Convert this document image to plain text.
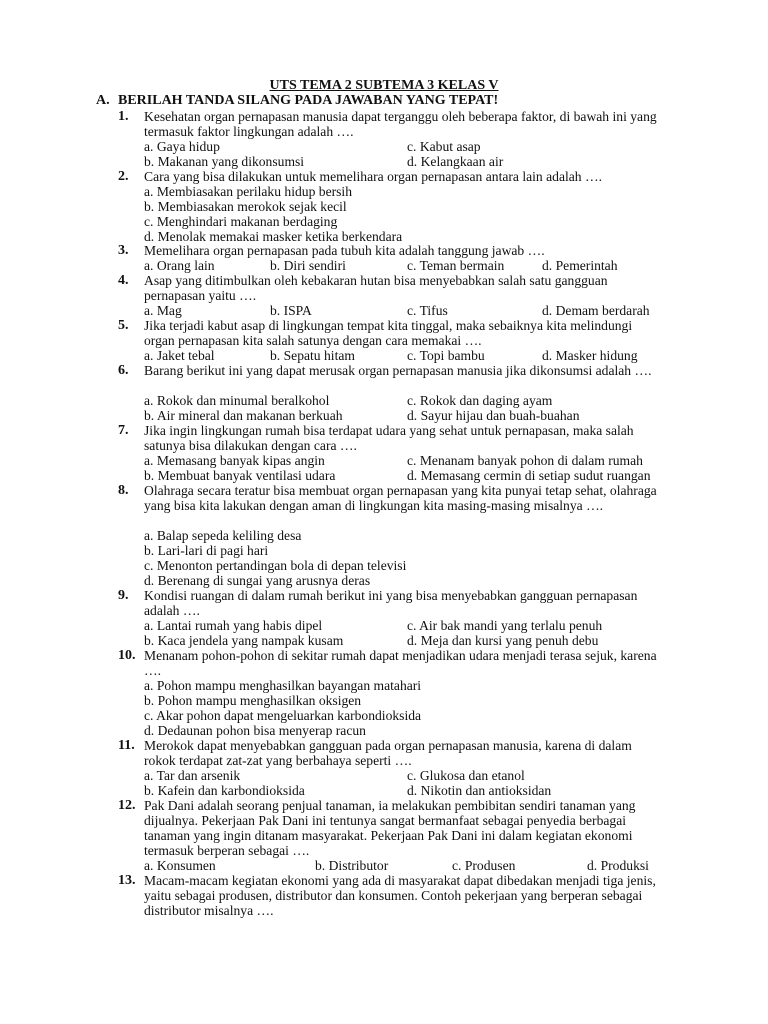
UTS TEMA 2 SUBTEMA 3 KELAS V
A. BERILAH TANDA SILANG PADA JAWABAN YANG TEPAT!
1.	Kesehatan organ pernapasan manusia dapat terganggu oleh beberapa faktor, di bawah ini yang termasuk faktor lingkungan adalah ….
a. Gaya hidup	c. Kabut asap
b. Makanan yang dikonsumsi	d. Kelangkaan air
2.	Cara yang bisa dilakukan untuk memelihara organ pernapasan antara lain adalah ….
a. Membiasakan perilaku hidup bersih
b. Membiasakan merokok sejak kecil
c. Menghindari makanan berdaging
d. Menolak memakai masker ketika berkendara
3.	Memelihara organ pernapasan pada tubuh kita adalah tanggung jawab ….
a. Orang lain	b. Diri sendiri	c. Teman bermain	d. Pemerintah
4.	Asap yang ditimbulkan oleh kebakaran hutan bisa menyebabkan salah satu gangguan pernapasan yaitu ….
a. Mag	b. ISPA	c. Tifus	d. Demam berdarah
5.	Jika terjadi kabut asap di lingkungan tempat kita tinggal, maka sebaiknya kita melindungi organ pernapasan kita salah satunya dengan cara memakai ….
a. Jaket tebal	b. Sepatu hitam	c. Topi bambu	d. Masker hidung
6.	Barang berikut ini yang dapat merusak organ pernapasan manusia jika dikonsumsi adalah ….
a. Rokok dan minumal beralkohol	c. Rokok dan daging ayam
b. Air mineral dan makanan berkuah	d. Sayur hijau dan buah-buahan
7.	Jika ingin lingkungan rumah bisa terdapat udara yang sehat untuk pernapasan, maka salah satunya bisa dilakukan dengan cara ….
a. Memasang banyak kipas angin	c. Menanam banyak pohon di dalam rumah
b. Membuat banyak ventilasi udara	d. Memasang cermin di setiap sudut ruangan
8.	Olahraga secara teratur bisa membuat organ pernapasan yang kita punyai tetap sehat, olahraga yang bisa kita lakukan dengan aman di lingkungan kita masing-masing misalnya ….
a. Balap sepeda keliling desa
b. Lari-lari di pagi hari
c. Menonton pertandingan bola di depan televisi
d. Berenang di sungai yang arusnya deras
9.	Kondisi ruangan di dalam rumah berikut ini yang bisa menyebabkan gangguan pernapasan adalah ….
a. Lantai rumah yang habis dipel	c. Air bak mandi yang terlalu penuh
b. Kaca jendela yang nampak kusam	d. Meja dan kursi yang penuh debu
10. Menanam pohon-pohon di sekitar rumah dapat menjadikan udara menjadi terasa sejuk, karena ….
a. Pohon mampu menghasilkan bayangan matahari
b. Pohon mampu menghasilkan oksigen
c. Akar pohon dapat mengeluarkan karbondioksida
d. Dedaunan pohon bisa menyerap racun
11. Merokok dapat menyebabkan gangguan pada organ pernapasan manusia, karena di dalam rokok terdapat zat-zat yang berbahaya seperti ….
a. Tar dan arsenik	c. Glukosa dan etanol
b. Kafein dan karbondioksida	d. Nikotin dan antioksidan
12. Pak Dani adalah seorang penjual tanaman, ia melakukan pembibitan sendiri tanaman yang dijualnya. Pekerjaan Pak Dani ini tentunya sangat bermanfaat sebagai penyedia berbagai tanaman yang ingin ditanam masyarakat. Pekerjaan Pak Dani ini dalam kegiatan ekonomi termasuk berperan sebagai ….
a. Konsumen	b. Distributor	c. Produsen	d. Produksi
13. Macam-macam kegiatan ekonomi yang ada di masyarakat dapat dibedakan menjadi tiga jenis, yaitu sebagai produsen, distributor dan konsumen. Contoh pekerjaan yang berperan sebagai distributor misalnya ….
